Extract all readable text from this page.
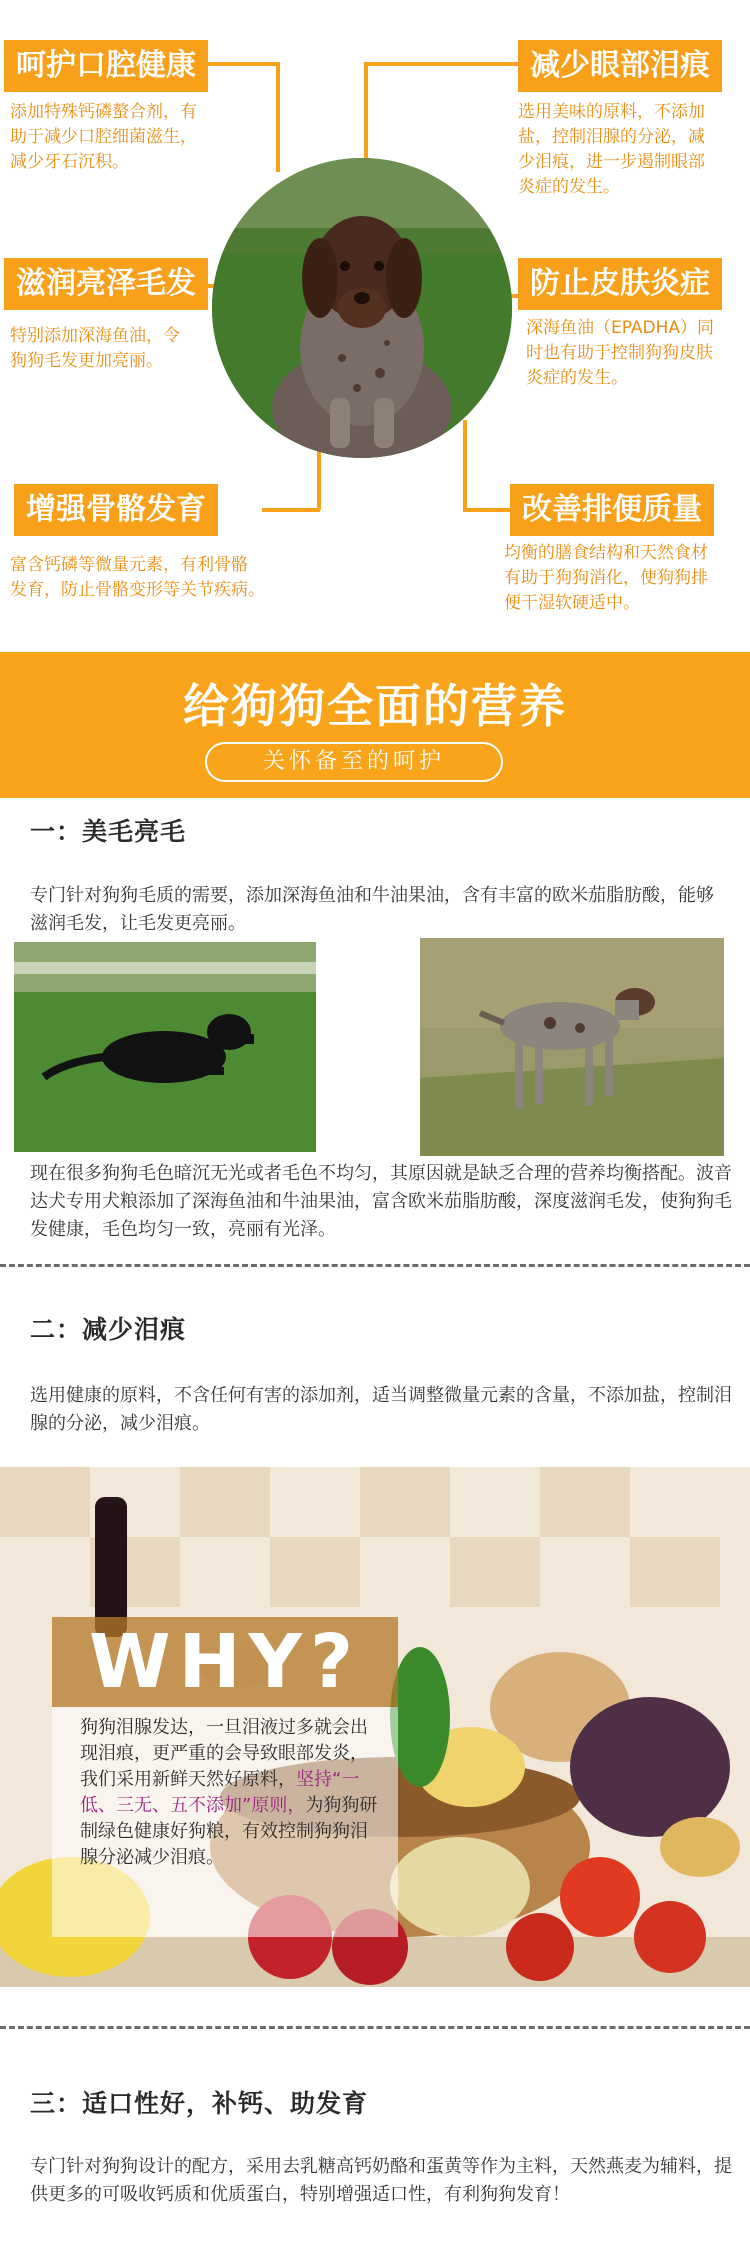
呵护口腔健康
添加特殊钙磷螯合剂，有
助于减少口腔细菌滋生，
减少牙石沉积。
减少眼部泪痕
选用美味的原料，不添加
盐，控制泪腺的分泌，减
少泪痕，进一步遏制眼部
炎症的发生。
滋润亮泽毛发
特别添加深海鱼油，令
狗狗毛发更加亮丽。
防止皮肤炎症
深海鱼油（EPADHA）同
时也有助于控制狗狗皮肤
炎症的发生。
增强骨骼发育
富含钙磷等微量元素，有利骨骼
发育，防止骨骼变形等关节疾病。
改善排便质量
均衡的膳食结构和天然食材
有助于狗狗消化，使狗狗排
便干湿软硬适中。
给狗狗全面的营养
关怀备至的呵护
一：美毛亮毛
专门针对狗狗毛质的需要，添加深海鱼油和牛油果油，含有丰富的欧米茄脂肪酸，能够滋润毛发，让毛发更亮丽。
现在很多狗狗毛色暗沉无光或者毛色不均匀，其原因就是缺乏合理的营养均衡搭配。波音达犬专用犬粮添加了深海鱼油和牛油果油，富含欧米茄脂肪酸，深度滋润毛发，使狗狗毛发健康，毛色均匀一致，亮丽有光泽。
二：减少泪痕
选用健康的原料，不含任何有害的添加剂，适当调整微量元素的含量，不添加盐，控制泪腺的分泌，减少泪痕。
WHY?
狗狗泪腺发达，一旦泪液过多就会出现泪痕，更严重的会导致眼部发炎，我们采用新鲜天然好原料，坚持“一低、三无、五不添加”原则，为狗狗研制绿色健康好狗粮，有效控制狗狗泪腺分泌减少泪痕。
三：适口性好，补钙、助发育
专门针对狗狗设计的配方，采用去乳糖高钙奶酪和蛋黄等作为主料，天然燕麦为辅料，提供更多的可吸收钙质和优质蛋白，特别增强适口性，有利狗狗发育！
